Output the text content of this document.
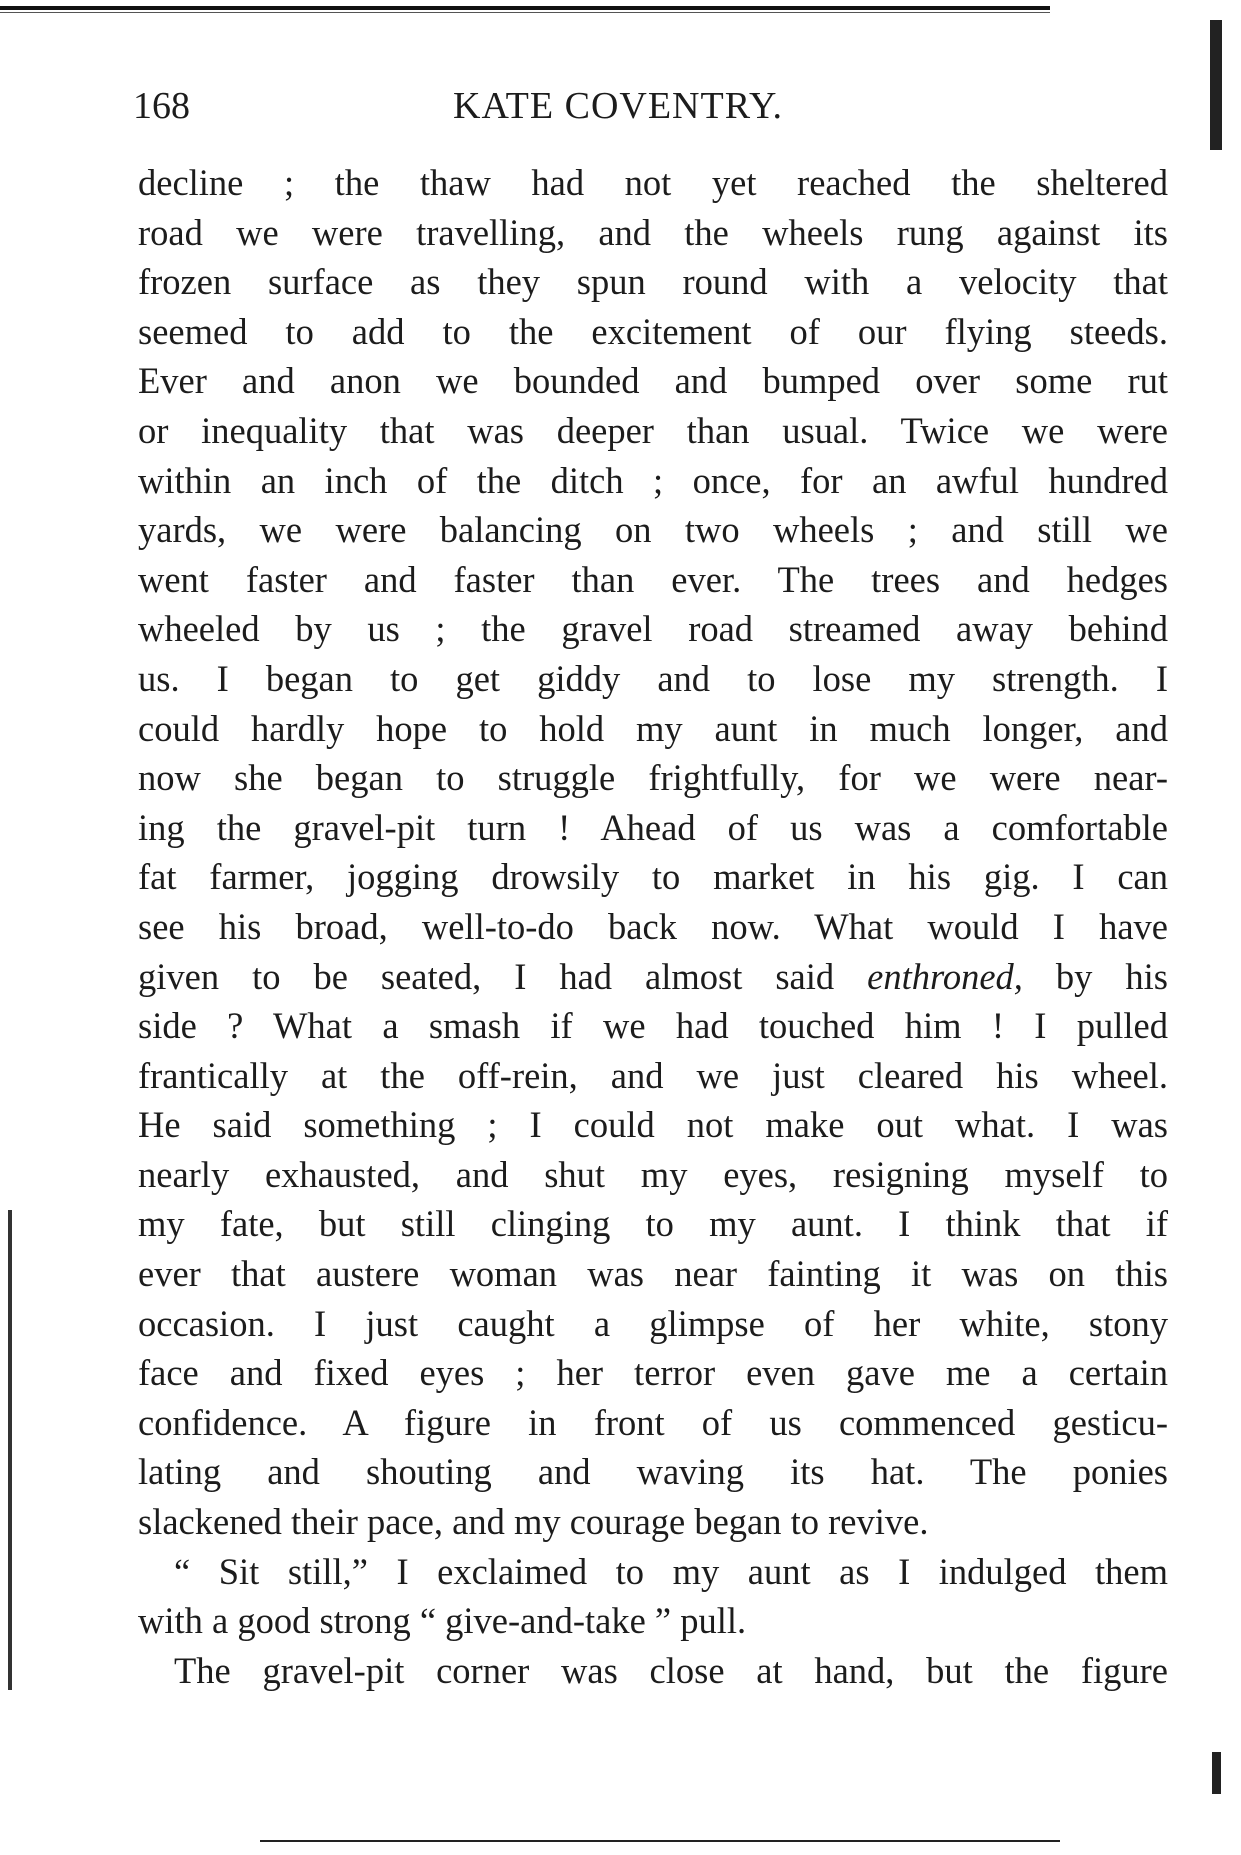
168	KATE COVENTRY.
decline ; the thaw had not yet reached the sheltered
road we were travelling, and the wheels rung against its
frozen surface as they spun round with a velocity that
seemed to add to the excitement of our flying steeds.
Ever and anon we bounded and bumped over some rut
or inequality that was deeper than usual. Twice we were
within an inch of the ditch ; once, for an awful hundred
yards, we were balancing on two wheels ; and still we
went faster and faster than ever. The trees and hedges
wheeled by us ; the gravel road streamed away behind
us. I began to get giddy and to lose my strength. I
could hardly hope to hold my aunt in much longer, and
now she began to struggle frightfully, for we were near-
ing the gravel-pit turn ! Ahead of us was a comfortable
fat farmer, jogging drowsily to market in his gig. I can
see his broad, well-to-do back now. What would I have
given to be seated, I had almost said enthroned, by his
side ? What a smash if we had touched him ! I pulled
frantically at the off-rein, and we just cleared his wheel.
He said something ; I could not make out what. I was
nearly exhausted, and shut my eyes, resigning myself to
my fate, but still clinging to my aunt. I think that if
ever that austere woman was near fainting it was on this
occasion. I just caught a glimpse of her white, stony
face and fixed eyes ; her terror even gave me a certain
confidence. A figure in front of us commenced gesticu-
lating and shouting and waving its hat. The ponies
slackened their pace, and my courage began to revive.
“ Sit still,” I exclaimed to my aunt as I indulged them
with a good strong “ give-and-take ” pull.
The gravel-pit corner was close at hand, but the figure
